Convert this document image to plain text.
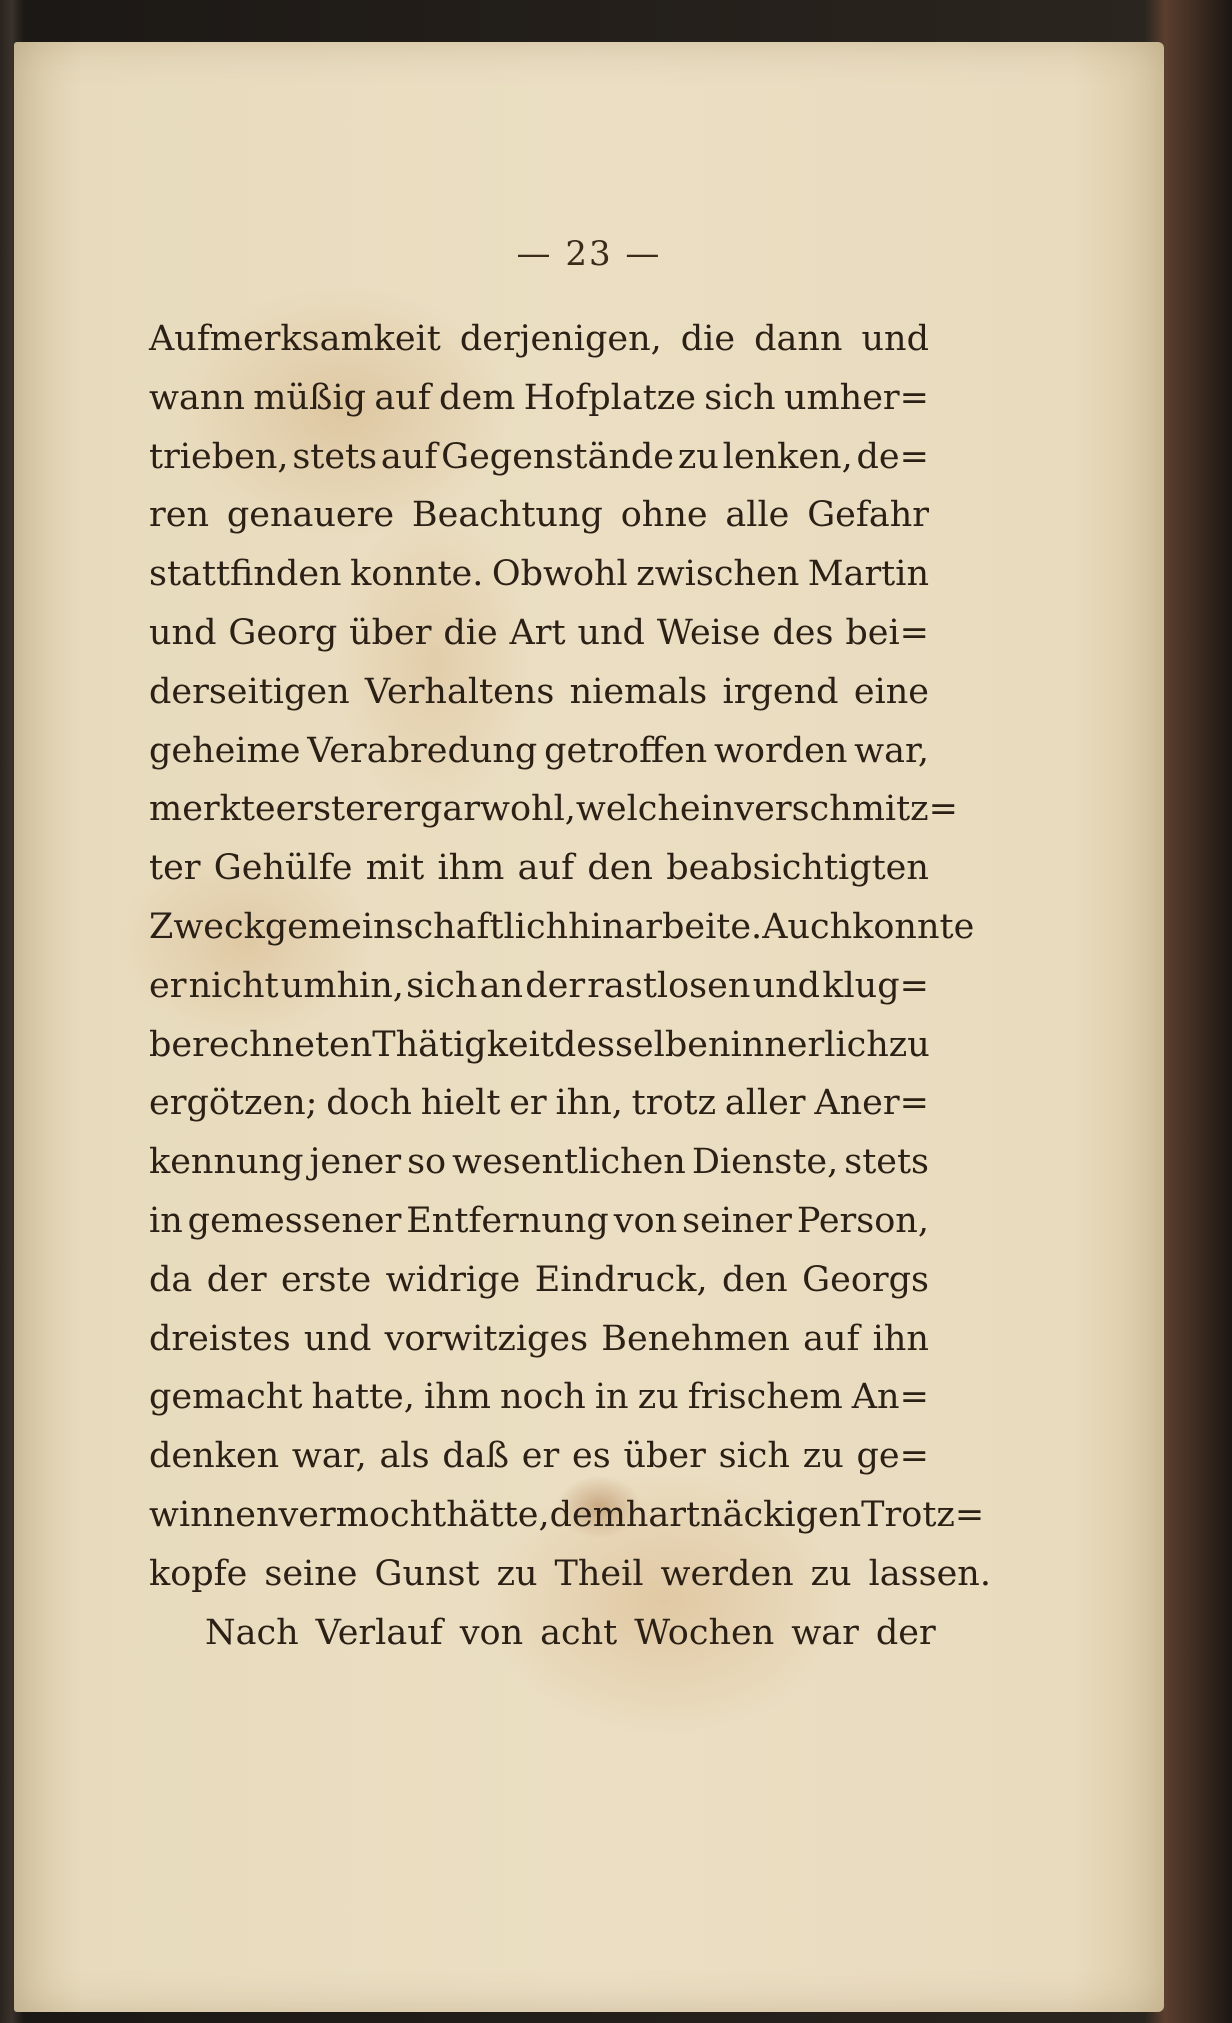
— 23 —
Aufmerksamkeit derjenigen, die dann und
wann müßig auf dem Hofplatze sich umher=
trieben, stets auf Gegenstände zu lenken, de=
ren genauere Beachtung ohne alle Gefahr
stattfinden konnte. Obwohl zwischen Martin
und Georg über die Art und Weise des bei=
derseitigen Verhaltens niemals irgend eine
geheime Verabredung getroffen worden war,
merkte ersterer gar wohl, welch ein verschmitz=
ter Gehülfe mit ihm auf den beabsichtigten
Zweck gemeinschaftlich hinarbeite. Auch konnte
er nicht umhin, sich an der rastlosen und klug=
berechneten Thätigkeit desselben innerlich zu
ergötzen; doch hielt er ihn, trotz aller Aner=
kennung jener so wesentlichen Dienste, stets
in gemessener Entfernung von seiner Person,
da der erste widrige Eindruck, den Georgs
dreistes und vorwitziges Benehmen auf ihn
gemacht hatte, ihm noch in zu frischem An=
denken war, als daß er es über sich zu ge=
winnen vermocht hätte, dem hartnäckigen Trotz=
kopfe seine Gunst zu Theil werden zu lassen.
Nach Verlauf von acht Wochen war der
